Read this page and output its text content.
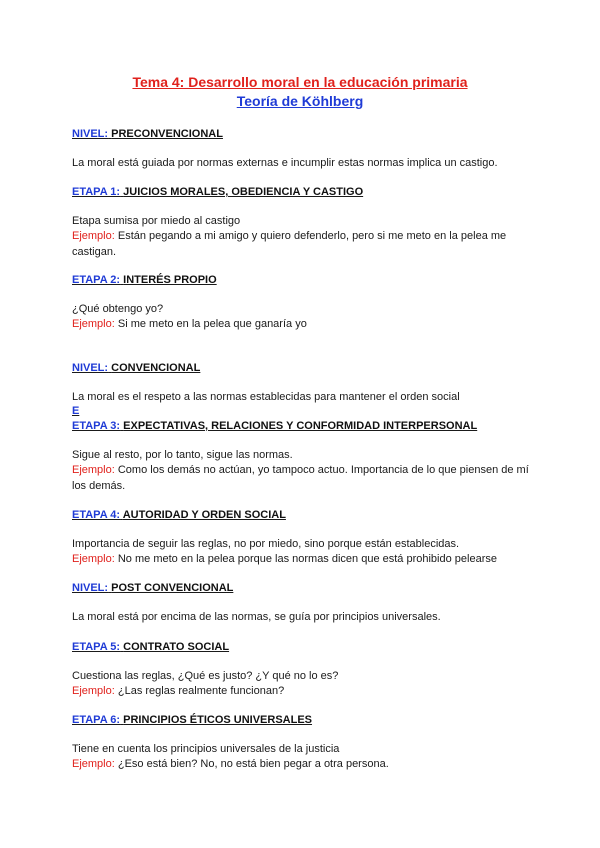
Tema 4: Desarrollo moral en la educación primaria
Teoría de Köhlberg
NIVEL: PRECONVENCIONAL
La moral está guiada por normas externas e incumplir estas normas implica un castigo.
ETAPA 1: JUICIOS MORALES, OBEDIENCIA Y CASTIGO
Etapa sumisa por miedo al castigo
Ejemplo: Están pegando a mi amigo y quiero defenderlo, pero si me meto en la pelea me castigan.
ETAPA 2: INTERÉS PROPIO
¿Qué obtengo yo?
Ejemplo: Si me meto en la pelea que ganaría yo
NIVEL: CONVENCIONAL
La moral es el respeto a las normas establecidas para mantener el orden social
E
ETAPA 3: EXPECTATIVAS, RELACIONES Y CONFORMIDAD INTERPERSONAL
Sigue al resto, por lo tanto, sigue las normas.
Ejemplo: Como los demás no actúan, yo tampoco actuo. Importancia de lo que piensen de mí los demás.
ETAPA 4: AUTORIDAD Y ORDEN SOCIAL
Importancia de seguir las reglas, no por miedo, sino porque están establecidas.
Ejemplo: No me meto en la pelea porque las normas dicen que está prohibido pelearse
NIVEL: POST CONVENCIONAL
La moral está por encima de las normas, se guía por principios universales.
ETAPA 5: CONTRATO SOCIAL
Cuestiona las reglas, ¿Qué es justo? ¿Y qué no lo es?
Ejemplo: ¿Las reglas realmente funcionan?
ETAPA 6: PRINCIPIOS ÉTICOS UNIVERSALES
Tiene en cuenta los principios universales de la justicia
Ejemplo: ¿Eso está bien? No, no está bien pegar a otra persona.
